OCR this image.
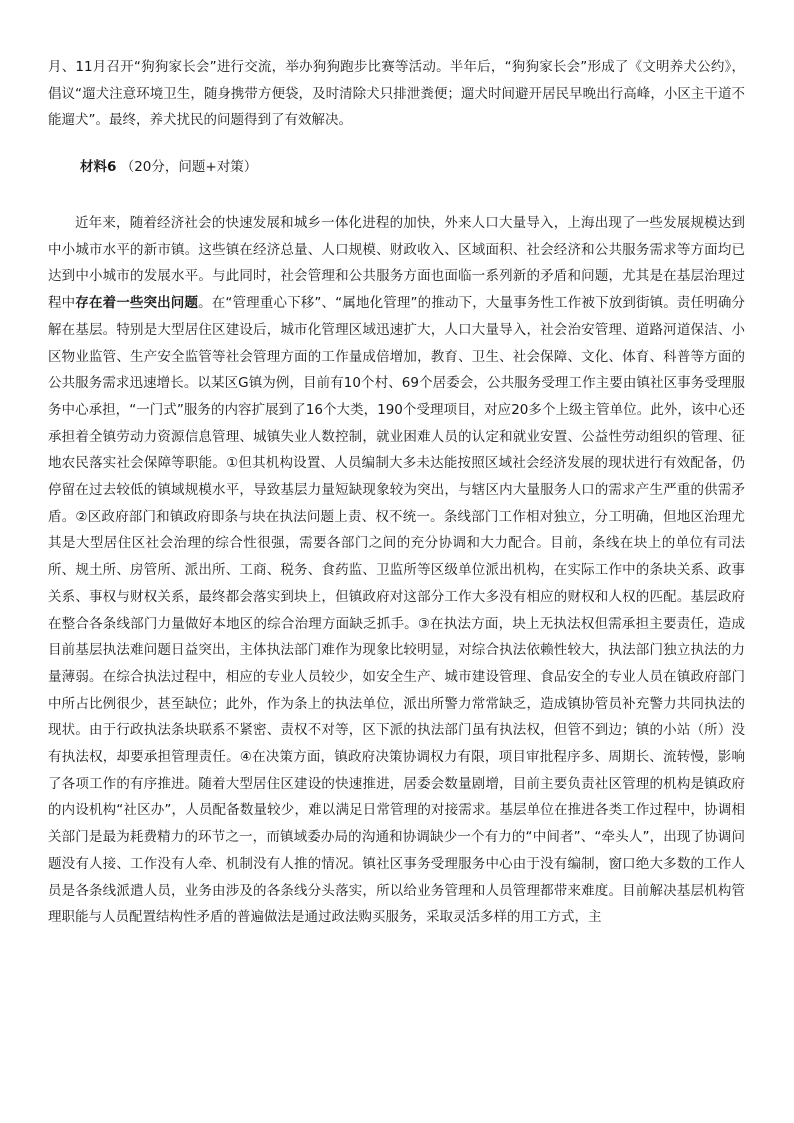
月、11月召开“狗狗家长会”进行交流，举办狗狗跑步比赛等活动。半年后，“狗狗家长会”形成了《文明养犬公约》，倡议“遛犬注意环境卫生，随身携带方便袋，及时清除犬只排泄粪便；遛犬时间避开居民早晚出行高峰，小区主干道不能遛犬”。最终，养犬扰民的问题得到了有效解决。

材料6 （20分，问题+对策）

近年来，随着经济社会的快速发展和城乡一体化进程的加快，外来人口大量导入，上海出现了一些发展规模达到中小城市水平的新市镇。这些镇在经济总量、人口规模、财政收入、区域面积、社会经济和公共服务需求等方面均已达到中小城市的发展水平。与此同时，社会管理和公共服务方面也面临一系列新的矛盾和问题，尤其是在基层治理过程中存在着一些突出问题。在“管理重心下移”、“属地化管理”的推动下，大量事务性工作被下放到街镇。责任明确分解在基层。特别是大型居住区建设后，城市化管理区域迅速扩大，人口大量导入，社会治安管理、道路河道保洁、小区物业监管、生产安全监管等社会管理方面的工作量成倍增加，教育、卫生、社会保障、文化、体育、科普等方面的公共服务需求迅速增长。以某区G镇为例，目前有10个村、69个居委会，公共服务受理工作主要由镇社区事务受理服务中心承担，“一门式”服务的内容扩展到了16个大类，190个受理项目，对应20多个上级主管单位。此外，该中心还承担着全镇劳动力资源信息管理、城镇失业人数控制，就业困难人员的认定和就业安置、公益性劳动组织的管理、征地农民落实社会保障等职能。①但其机构设置、人员编制大多未达能按照区域社会经济发展的现状进行有效配备，仍停留在过去较低的镇域规模水平，导致基层力量短缺现象较为突出，与辖区内大量服务人口的需求产生严重的供需矛盾。②区政府部门和镇政府即条与块在执法问题上责、权不统一。条线部门工作相对独立，分工明确，但地区治理尤其是大型居住区社会治理的综合性很强，需要各部门之间的充分协调和大力配合。目前，条线在块上的单位有司法所、规土所、房管所、派出所、工商、税务、食药监、卫监所等区级单位派出机构，在实际工作中的条块关系、政事关系、事权与财权关系，最终都会落实到块上，但镇政府对这部分工作大多没有相应的财权和人权的匹配。基层政府在整合各条线部门力量做好本地区的综合治理方面缺乏抓手。③在执法方面，块上无执法权但需承担主要责任，造成目前基层执法难问题日益突出，主体执法部门难作为现象比较明显，对综合执法依赖性较大，执法部门独立执法的力量薄弱。在综合执法过程中，相应的专业人员较少，如安全生产、城市建设管理、食品安全的专业人员在镇政府部门中所占比例很少，甚至缺位；此外，作为条上的执法单位，派出所警力常常缺乏，造成镇协管员补充警力共同执法的现状。由于行政执法条块联系不紧密、责权不对等，区下派的执法部门虽有执法权，但管不到边；镇的小站（所）没有执法权，却要承担管理责任。④在决策方面，镇政府决策协调权力有限，项目审批程序多、周期长、流转慢，影响了各项工作的有序推进。随着大型居住区建设的快速推进，居委会数量剧增，目前主要负责社区管理的机构是镇政府的内设机构“社区办”，人员配备数量较少，难以满足日常管理的对接需求。基层单位在推进各类工作过程中，协调相关部门是最为耗费精力的环节之一，而镇域委办局的沟通和协调缺少一个有力的“中间者”、“牵头人”，出现了协调问题没有人接、工作没有人牵、机制没有人推的情况。镇社区事务受理服务中心由于没有编制，窗口绝大多数的工作人员是各条线派遣人员，业务由涉及的各条线分头落实，所以给业务管理和人员管理都带来难度。目前解决基层机构管理职能与人员配置结构性矛盾的普遍做法是通过政法购买服务，采取灵活多样的用工方式，主
